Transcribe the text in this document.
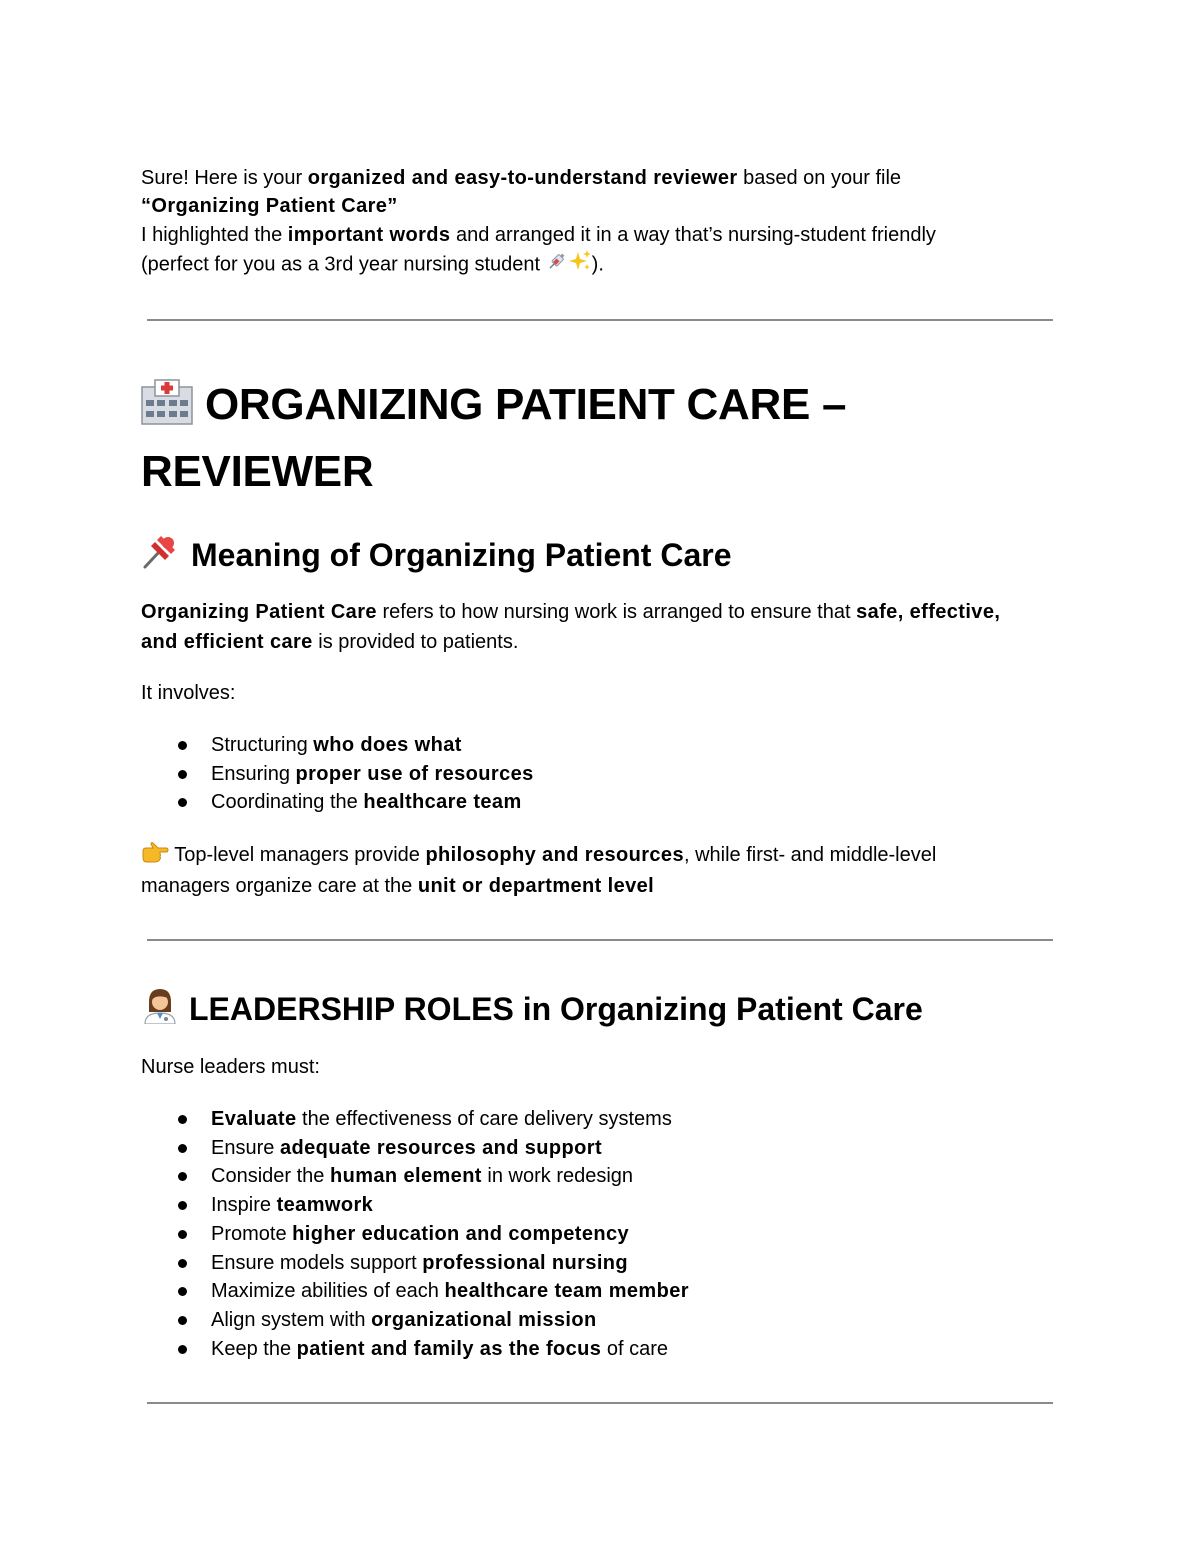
Sure! Here is your organized and easy-to-understand reviewer based on your file

“Organizing Patient Care”

I highlighted the important words and arranged it in a way that’s nursing-student friendly

(perfect for you as a 3rd year nursing student ).

ORGANIZING PATIENT CARE –
REVIEWER
Meaning of Organizing Patient Care

Organizing Patient Care refers to how nursing work is arranged to ensure that safe, effective,

and efficient care is provided to patients.

It involves:

Structuring who does what
Ensuring proper use of resources
Coordinating the healthcare team

Top-level managers provide philosophy and resources, while first- and middle-level

managers organize care at the unit or department level

LEADERSHIP ROLES in Organizing Patient Care

Nurse leaders must:

Evaluate the effectiveness of care delivery systems
Ensure adequate resources and support
Consider the human element in work redesign
Inspire teamwork
Promote higher education and competency
Ensure models support professional nursing
Maximize abilities of each healthcare team member
Align system with organizational mission
Keep the patient and family as the focus of care
